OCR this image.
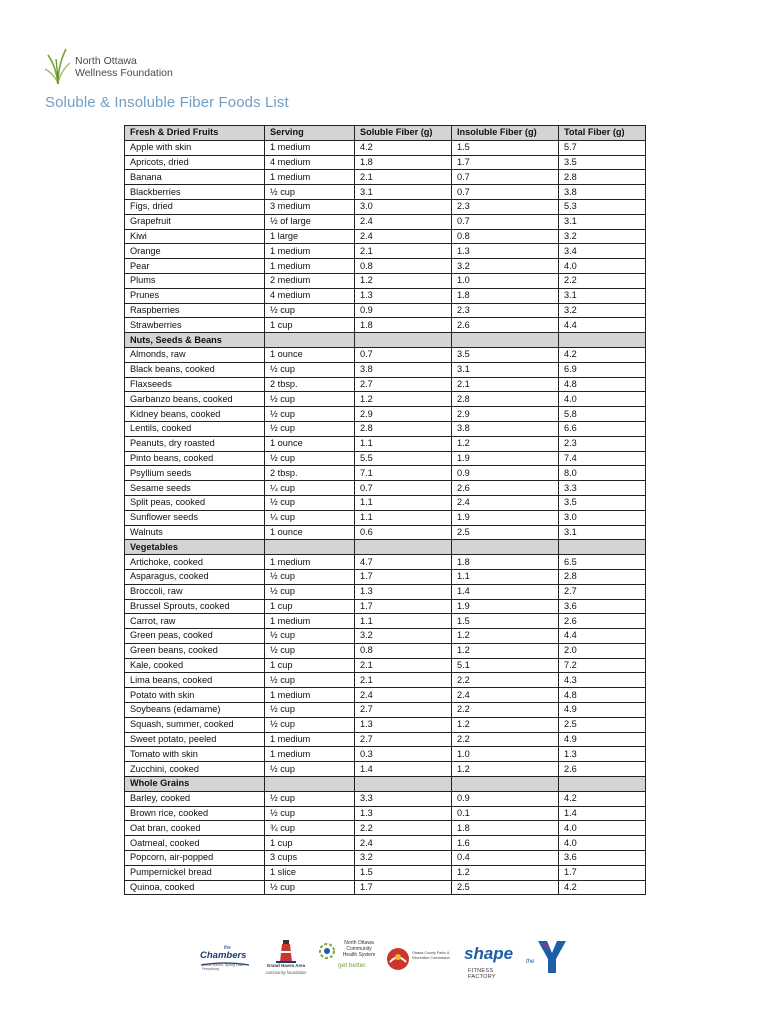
North Ottawa
Wellness Foundation
Soluble & Insoluble Fiber Foods List
Fresh & Dried Fruits	Serving	Soluble Fiber (g)	Insoluble Fiber (g)	Total Fiber (g)
Apple with skin	1 medium	4.2	1.5	5.7
Apricots, dried	4 medium	1.8	1.7	3.5
Banana	1 medium	2.1	0.7	2.8
Blackberries	½ cup	3.1	0.7	3.8
Figs, dried	3 medium	3.0	2.3	5.3
Grapefruit	½ of large	2.4	0.7	3.1
Kiwi	1 large	2.4	0.8	3.2
Orange	1 medium	2.1	1.3	3.4
Pear	1 medium	0.8	3.2	4.0
Plums	2 medium	1.2	1.0	2.2
Prunes	4 medium	1.3	1.8	3.1
Raspberries	½ cup	0.9	2.3	3.2
Strawberries	1 cup	1.8	2.6	4.4
Nuts, Seeds & Beans				
Almonds, raw	1 ounce	0.7	3.5	4.2
Black beans, cooked	½ cup	3.8	3.1	6.9
Flaxseeds	2 tbsp.	2.7	2.1	4.8
Garbanzo beans, cooked	½ cup	1.2	2.8	4.0
Kidney beans, cooked	½ cup	2.9	2.9	5.8
Lentils, cooked	½ cup	2.8	3.8	6.6
Peanuts, dry roasted	1 ounce	1.1	1.2	2.3
Pinto beans, cooked	½ cup	5.5	1.9	7.4
Psyllium seeds	2 tbsp.	7.1	0.9	8.0
Sesame seeds	¼ cup	0.7	2.6	3.3
Split peas, cooked	½ cup	1.1	2.4	3.5
Sunflower seeds	¼ cup	1.1	1.9	3.0
Walnuts	1 ounce	0.6	2.5	3.1
Vegetables				
Artichoke, cooked	1 medium	4.7	1.8	6.5
Asparagus, cooked	½ cup	1.7	1.1	2.8
Broccoli, raw	½ cup	1.3	1.4	2.7
Brussel Sprouts, cooked	1 cup	1.7	1.9	3.6
Carrot, raw	1 medium	1.1	1.5	2.6
Green peas, cooked	½ cup	3.2	1.2	4.4
Green beans, cooked	½ cup	0.8	1.2	2.0
Kale, cooked	1 cup	2.1	5.1	7.2
Lima beans, cooked	½ cup	2.1	2.2	4.3
Potato with skin	1 medium	2.4	2.4	4.8
Soybeans (edamame)	½ cup	2.7	2.2	4.9
Squash, summer, cooked	½ cup	1.3	1.2	2.5
Sweet potato, peeled	1 medium	2.7	2.2	4.9
Tomato with skin	1 medium	0.3	1.0	1.3
Zucchini, cooked	½ cup	1.4	1.2	2.6
Whole Grains				
Barley, cooked	½ cup	3.3	0.9	4.2
Brown rice, cooked	½ cup	1.3	0.1	1.4
Oat bran, cooked	¾ cup	2.2	1.8	4.0
Oatmeal, cooked	1 cup	2.4	1.6	4.0
Popcorn, air-popped	3 cups	3.2	0.4	3.6
Pumpernickel bread	1 slice	1.5	1.2	1.7
Quinoa, cooked	½ cup	1.7	2.5	4.2
the
Chambers
Grand Haven, Spring Lake, Ferrysburg
Grand Haven Area
community foundation
North Ottawa Community Health System
get better.
Ottawa County Parks & Recreation Commission shape
FITNESS FACTORY
the
